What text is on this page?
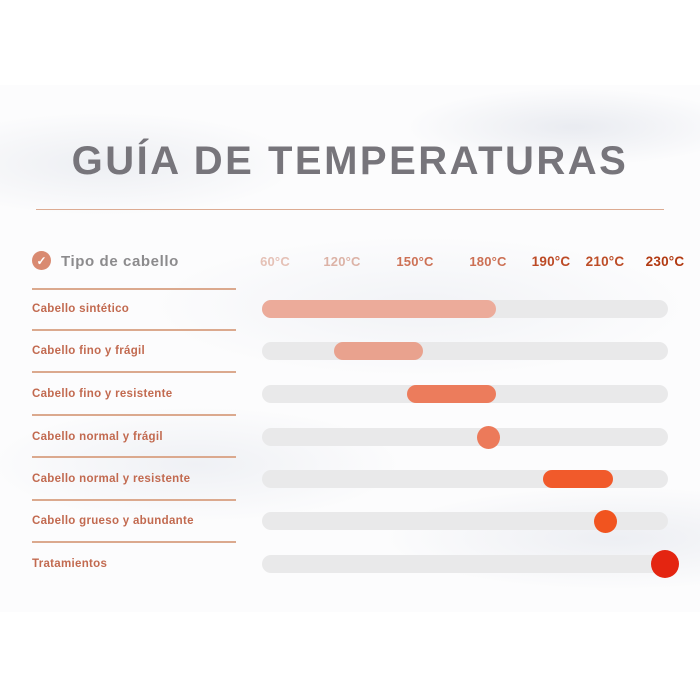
GUÍA DE TEMPERATURAS
✓ Tipo de cabello	60°C	120°C	150°C	180°C 190°C 210°C 230°C
Cabello sintético
Cabello fino y frágil
Cabello fino y resistente
Cabello normal y frágil
Cabello normal y resistente
Cabello grueso y abundante
Tratamientos
